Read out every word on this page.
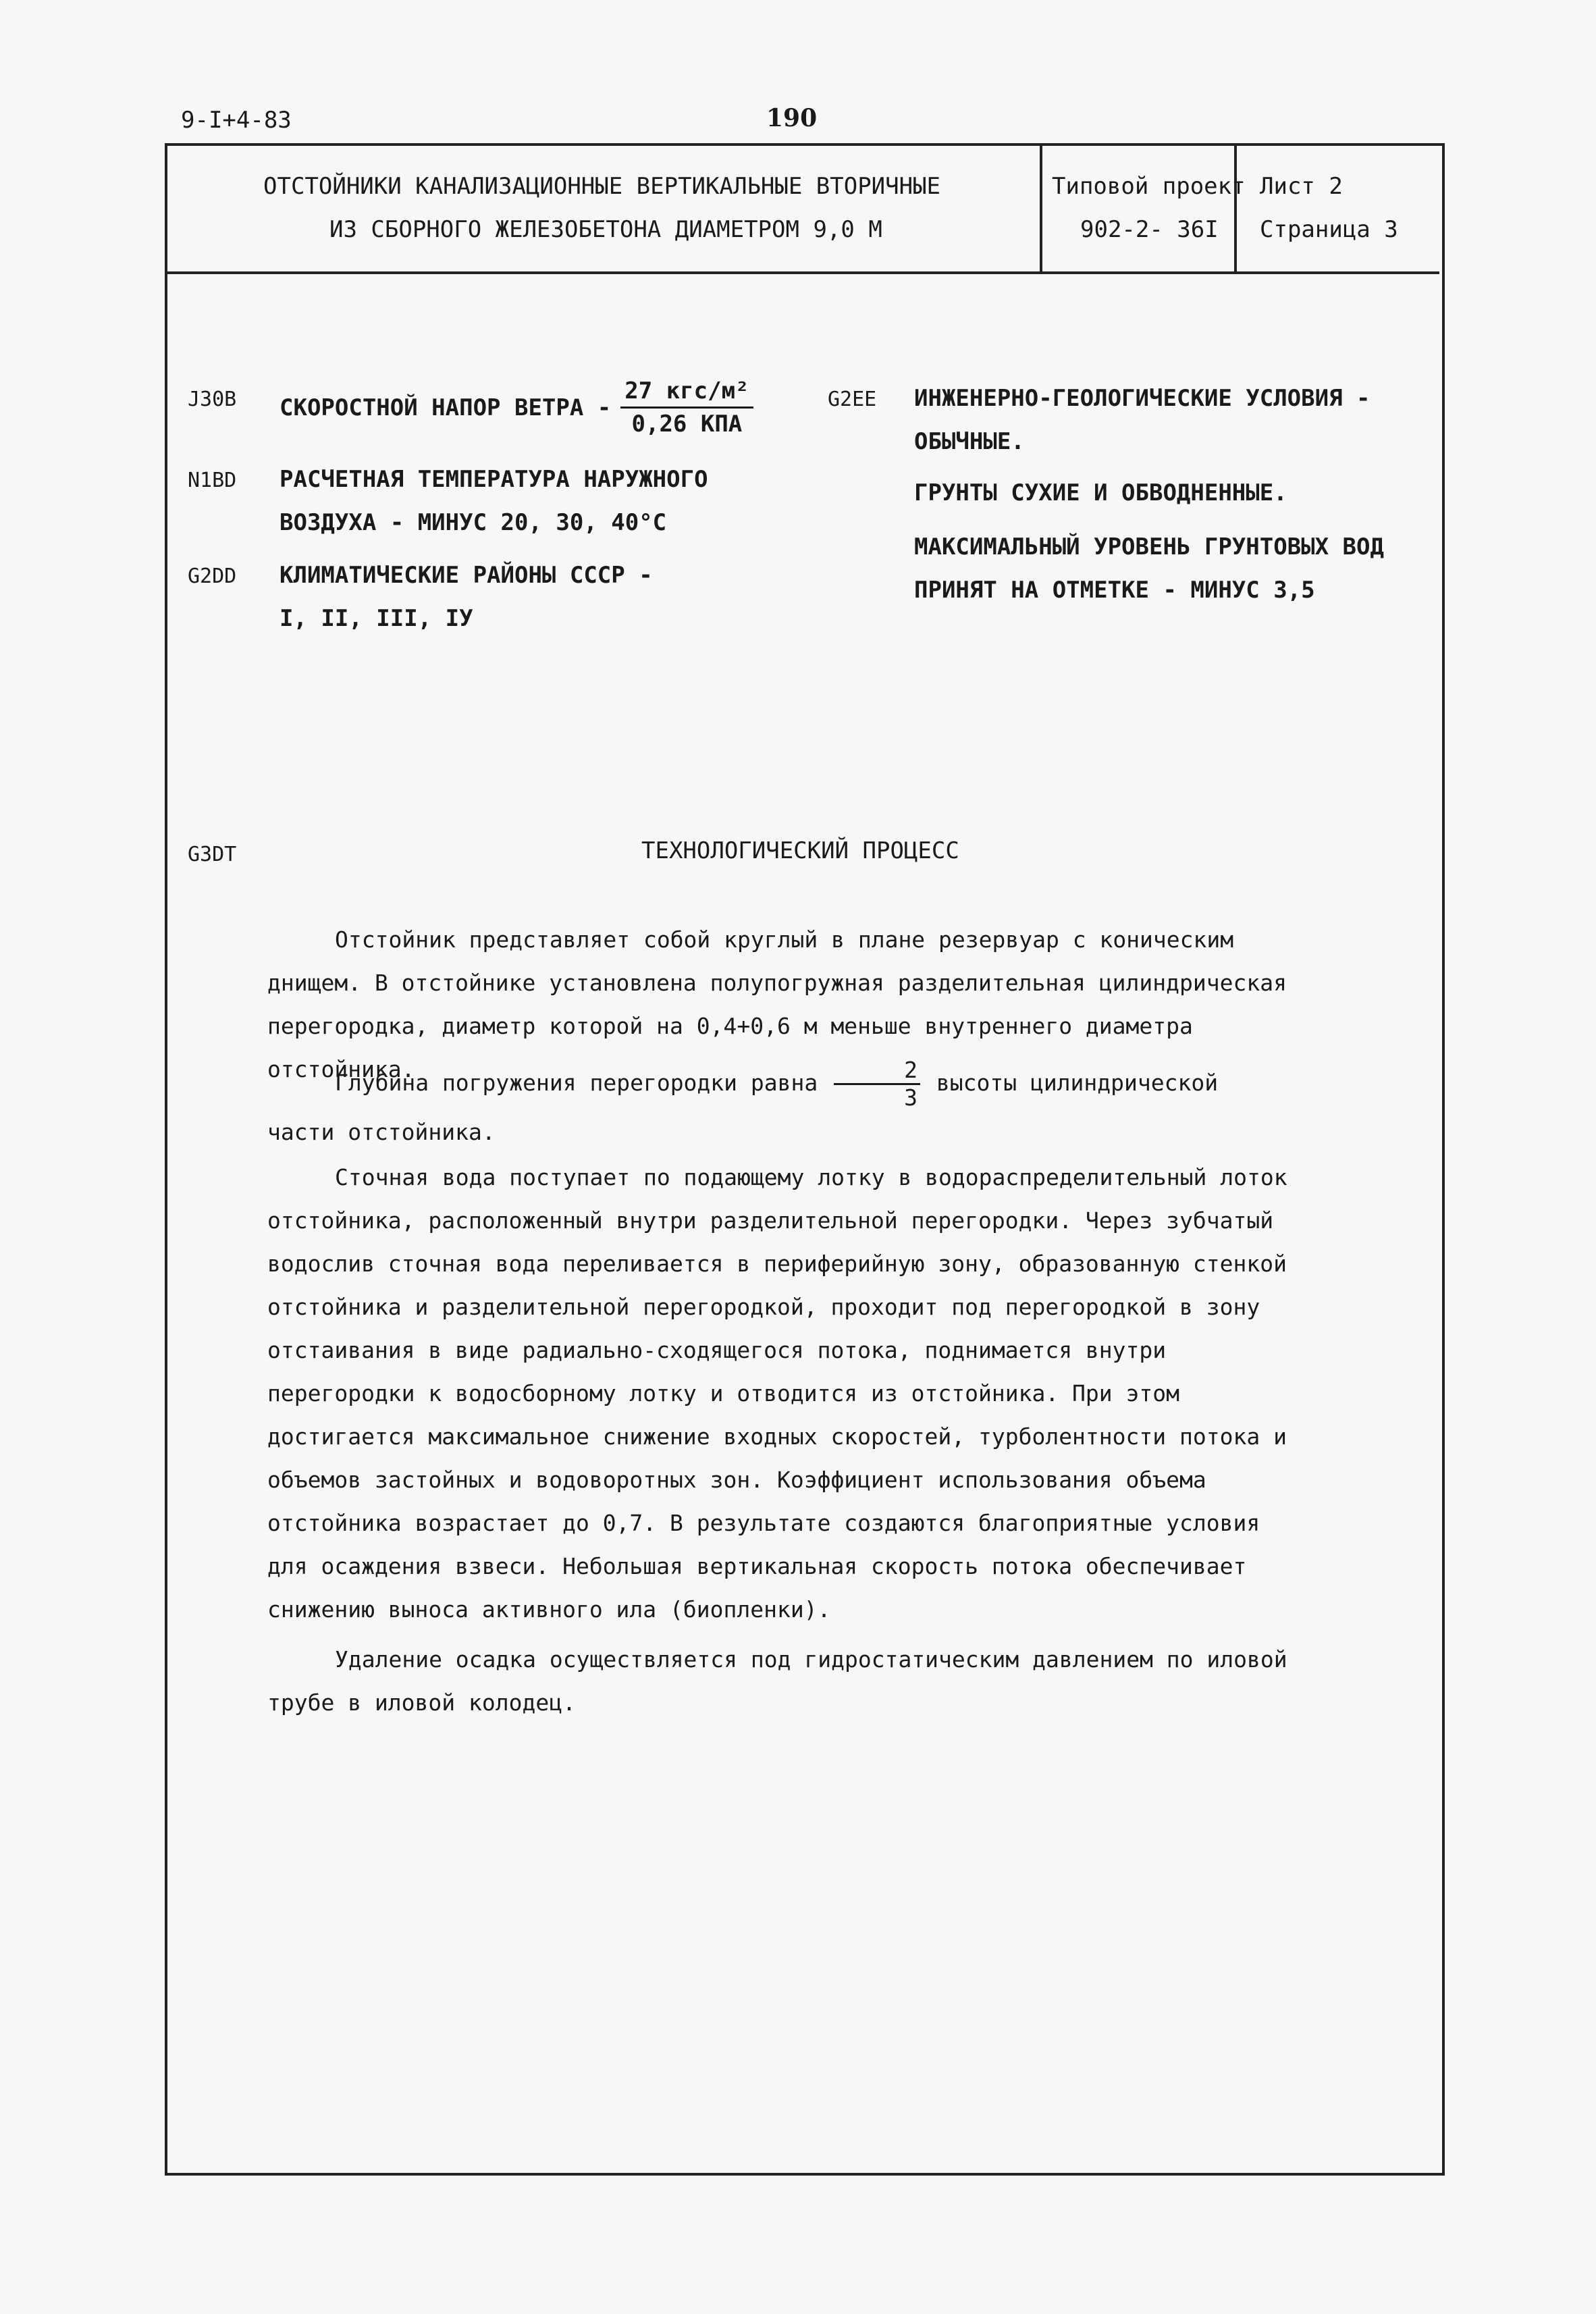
9-I+4-83	190
ОТСТОЙНИКИ КАНАЛИЗАЦИОННЫЕ ВЕРТИКАЛЬНЫЕ ВТОРИЧНЫЕ
ИЗ СБОРНОГО ЖЕЛЕЗОБЕТОНА ДИАМЕТРОМ 9,0 М
Типовой проект
902-2- 36I
Лист 2
Страница 3
J30B СКОРОСТНОЙ НАПОР ВЕТРА - $\frac{\text{27 кгс/м²}}{\text{0,26 КПА}}$
N1BD РАСЧЕТНАЯ ТЕМПЕРАТУРА НАРУЖНОГО
ВОЗДУХА - МИНУС 20, 30, 40°С
G2DD КЛИМАТИЧЕСКИЕ РАЙОНЫ СССР -
I, II, III, IУ
G2EE ИНЖЕНЕРНО-ГЕОЛОГИЧЕСКИЕ УСЛОВИЯ -
ОБЫЧНЫЕ.
ГРУНТЫ СУХИЕ И ОБВОДНЕННЫЕ.
МАКСИМАЛЬНЫЙ УРОВЕНЬ ГРУНТОВЫХ ВОД
ПРИНЯТ НА ОТМЕТКЕ - МИНУС 3,5
G3DT	ТЕХНОЛОГИЧЕСКИЙ ПРОЦЕСС
Отстойник представляет собой круглый в плане резервуар с коническим днищем. В отстойнике установлена полупогружная разделительная цилиндрическая перегородка, диаметр которой на 0,4+0,6 м меньше внутреннего диаметра отстойника.
Глубина погружения перегородки равна $\frac{2}{3}$ высоты цилиндрической части отстойника.
Сточная вода поступает по подающему лотку в водораспределительный лоток отстойника, расположенный внутри разделительной перегородки. Через зубчатый водослив сточная вода переливается в периферийную зону, образованную стенкой отстойника и разделительной перегородкой, проходит под перегородкой в зону отстаивания в виде радиально-сходящегося потока, поднимается внутри перегородки к водосборному лотку и отводится из отстойника. При этом достигается максимальное снижение входных скоростей, турболентности потока и объемов застойных и водоворотных зон. Коэффициент использования объема отстойника возрастает до 0,7. В результате создаются благоприятные условия для осаждения взвеси. Небольшая вертикальная скорость потока обеспечивает снижению выноса активного ила (биопленки).
Удаление осадка осуществляется под гидростатическим давлением по иловой трубе в иловой колодец.
